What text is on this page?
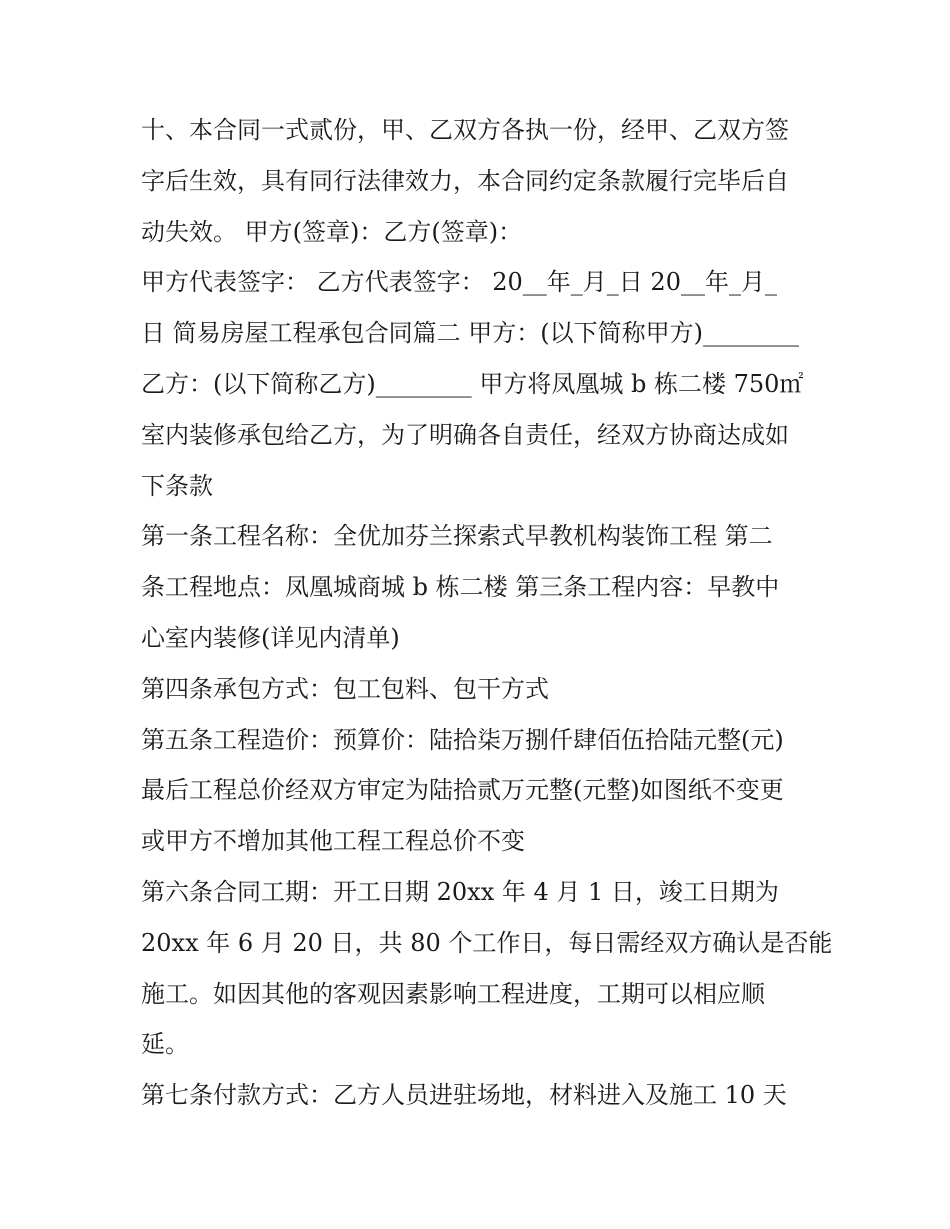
十、本合同一式贰份，甲、乙双方各执一份，经甲、乙双方签
字后生效，具有同行法律效力，本合同约定条款履行完毕后自
动失效。 甲方(签章)：乙方(签章)：
甲方代表签字： 乙方代表签字： 20__年_月_日 20__年_月_
日 简易房屋工程承包合同篇二 甲方：(以下简称甲方)________
乙方：(以下简称乙方)________ 甲方将凤凰城 b 栋二楼 750㎡
室内装修承包给乙方，为了明确各自责任，经双方协商达成如
下条款
第一条工程名称：全优加芬兰探索式早教机构装饰工程 第二
条工程地点：凤凰城商城 b 栋二楼 第三条工程内容：早教中
心室内装修(详见内清单)
第四条承包方式：包工包料、包干方式
第五条工程造价：预算价：陆拾柒万捌仟肆佰伍拾陆元整(元)
最后工程总价经双方审定为陆拾贰万元整(元整)如图纸不变更
或甲方不增加其他工程工程总价不变
第六条合同工期：开工日期 20xx 年 4 月 1 日，竣工日期为
20xx 年 6 月 20 日，共 80 个工作日，每日需经双方确认是否能
施工。如因其他的客观因素影响工程进度，工期可以相应顺
延。
第七条付款方式：乙方人员进驻场地，材料进入及施工 10 天
